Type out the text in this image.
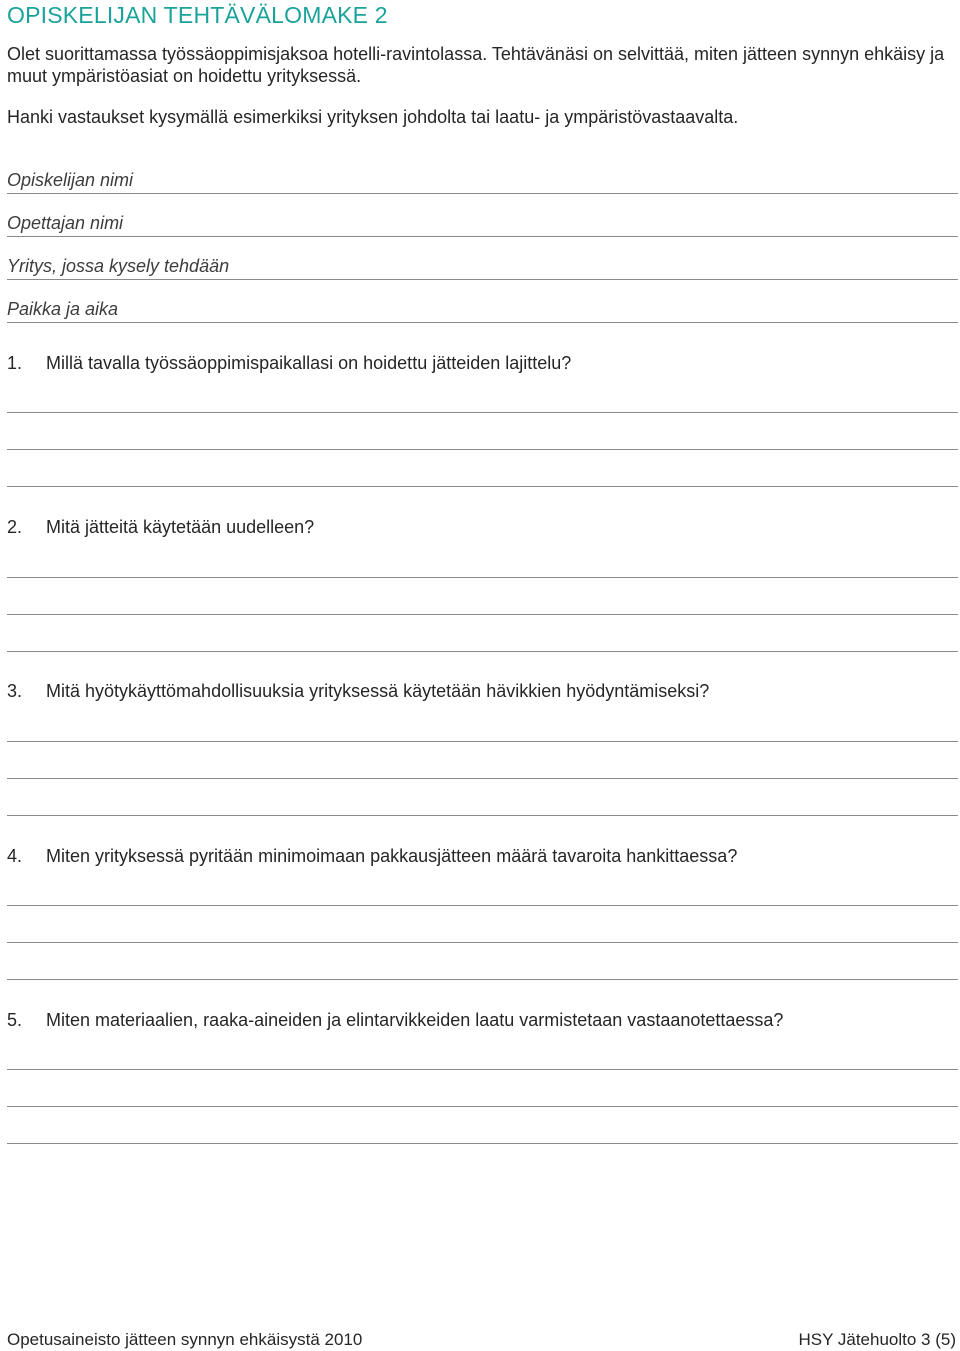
OPISKELIJAN TEHTÄVÄLOMAKE 2

Olet suorittamassa työssäoppimisjaksoa hotelli-ravintolassa. Tehtävänäsi on selvittää, miten jätteen synnyn ehkäisy ja muut ympäristöasiat on hoidettu yrityksessä.

Hanki vastaukset kysymällä esimerkiksi yrityksen johdolta tai laatu- ja ympäristövastaavalta.

Opiskelijan nimi
Opettajan nimi
Yritys, jossa kysely tehdään
Paikka ja aika
1. Millä tavalla työssäoppimispaikallasi on hoidettu jätteiden lajittelu?
2. Mitä jätteitä käytetään uudelleen?
3. Mitä hyötykäyttömahdollisuuksia yrityksessä käytetään hävikkien hyödyntämiseksi?
4. Miten yrityksessä pyritään minimoimaan pakkausjätteen määrä tavaroita hankittaessa?
5. Miten materiaalien, raaka-aineiden ja elintarvikkeiden laatu varmistetaan vastaanotettaessa?
Opetusaineisto jätteen synnyn ehkäisystä 2010	HSY Jätehuolto 3 (5)
